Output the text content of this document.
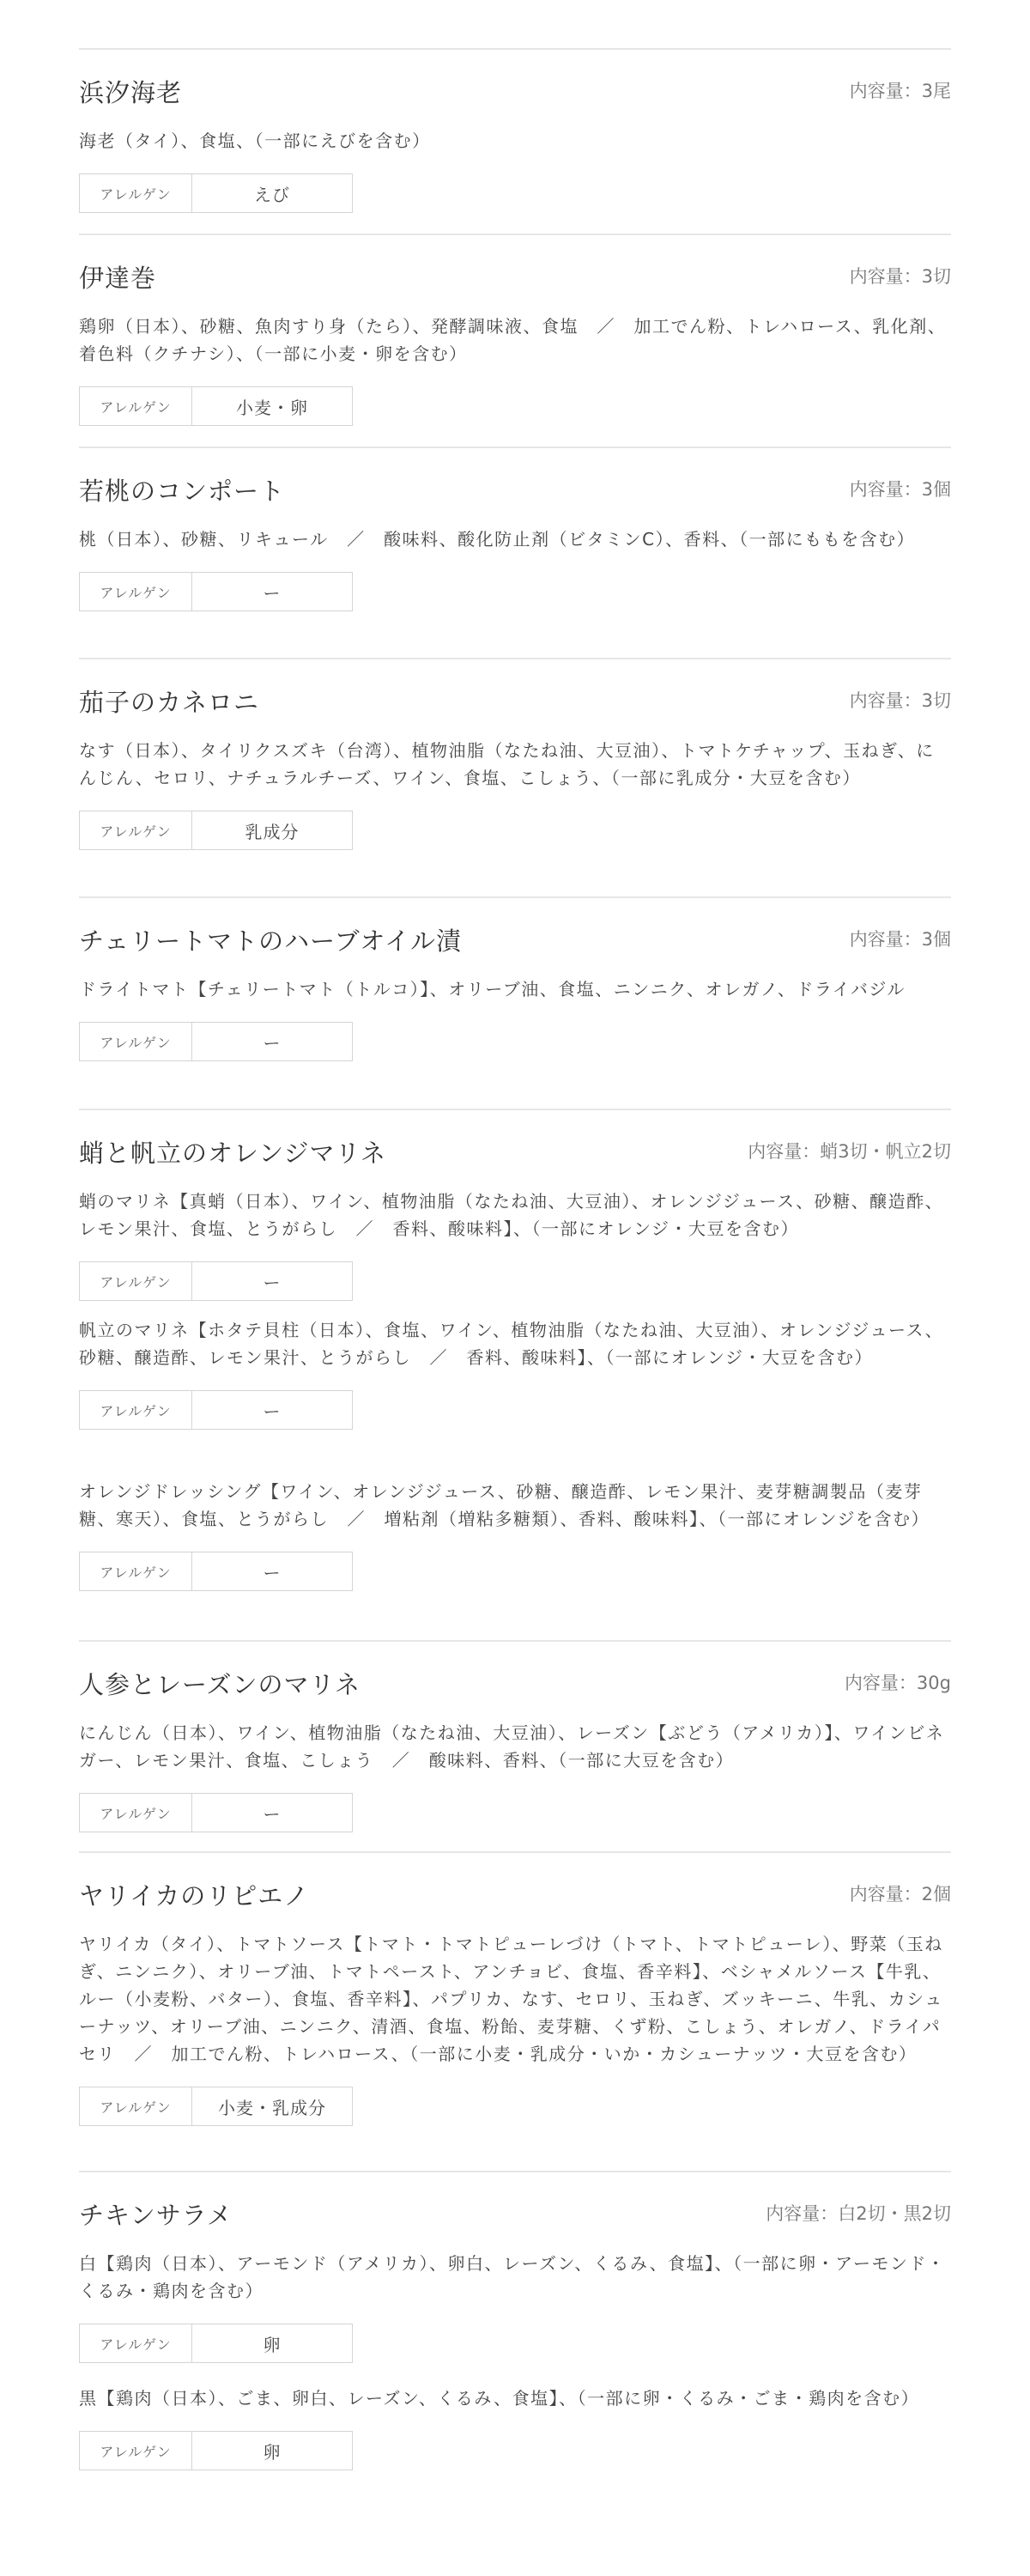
浜汐海老	内容量：3尾

海老（タイ）、食塩、（一部にえびを含む）

アレルゲン	えび
伊達巻	内容量：3切

鶏卵（日本）、砂糖、魚肉すり身（たら）、発酵調味液、食塩　／　加工でん粉、トレハロース、乳化剤、着色料（クチナシ）、（一部に小麦・卵を含む）

アレルゲン	小麦・卵
若桃のコンポート	内容量：3個

桃（日本）、砂糖、リキュール　／　酸味料、酸化防止剤（ビタミンC）、香料、（一部にももを含む）

アレルゲン	ー
茄子のカネロニ	内容量：3切

なす（日本）、タイリクスズキ（台湾）、植物油脂（なたね油、大豆油）、トマトケチャップ、玉ねぎ、にんじん、セロリ、ナチュラルチーズ、ワイン、食塩、こしょう、（一部に乳成分・大豆を含む）

アレルゲン	乳成分
チェリートマトのハーブオイル漬	内容量：3個

ドライトマト【チェリートマト（トルコ）】、オリーブ油、食塩、ニンニク、オレガノ、ドライバジル

アレルゲン	ー
蛸と帆立のオレンジマリネ	内容量：蛸3切・帆立2切

蛸のマリネ【真蛸（日本）、ワイン、植物油脂（なたね油、大豆油）、オレンジジュース、砂糖、醸造酢、レモン果汁、食塩、とうがらし　／　香料、酸味料】、（一部にオレンジ・大豆を含む）

アレルゲン	ー

帆立のマリネ【ホタテ貝柱（日本）、食塩、ワイン、植物油脂（なたね油、大豆油）、オレンジジュース、砂糖、醸造酢、レモン果汁、とうがらし　／　香料、酸味料】、（一部にオレンジ・大豆を含む）

アレルゲン	ー

オレンジドレッシング【ワイン、オレンジジュース、砂糖、醸造酢、レモン果汁、麦芽糖調製品（麦芽糖、寒天）、食塩、とうがらし　／　増粘剤（増粘多糖類）、香料、酸味料】、（一部にオレンジを含む）

アレルゲン	ー
人参とレーズンのマリネ	内容量：30g

にんじん（日本）、ワイン、植物油脂（なたね油、大豆油）、レーズン【ぶどう（アメリカ）】、ワインビネガー、レモン果汁、食塩、こしょう　／　酸味料、香料、（一部に大豆を含む）

アレルゲン	ー
ヤリイカのリピエノ	内容量：2個

ヤリイカ（タイ）、トマトソース【トマト・トマトピューレづけ（トマト、トマトピューレ）、野菜（玉ねぎ、ニンニク）、オリーブ油、トマトペースト、アンチョビ、食塩、香辛料】、ベシャメルソース【牛乳、ルー（小麦粉、バター）、食塩、香辛料】、パプリカ、なす、セロリ、玉ねぎ、ズッキーニ、牛乳、カシューナッツ、オリーブ油、ニンニク、清酒、食塩、粉飴、麦芽糖、くず粉、こしょう、オレガノ、ドライパセリ　／　加工でん粉、トレハロース、（一部に小麦・乳成分・いか・カシューナッツ・大豆を含む）

アレルゲン	小麦・乳成分
チキンサラメ	内容量：白2切・黒2切

白【鶏肉（日本）、アーモンド（アメリカ）、卵白、レーズン、くるみ、食塩】、（一部に卵・アーモンド・くるみ・鶏肉を含む）

アレルゲン	卵

黒【鶏肉（日本）、ごま、卵白、レーズン、くるみ、食塩】、（一部に卵・くるみ・ごま・鶏肉を含む）

アレルゲン	卵
